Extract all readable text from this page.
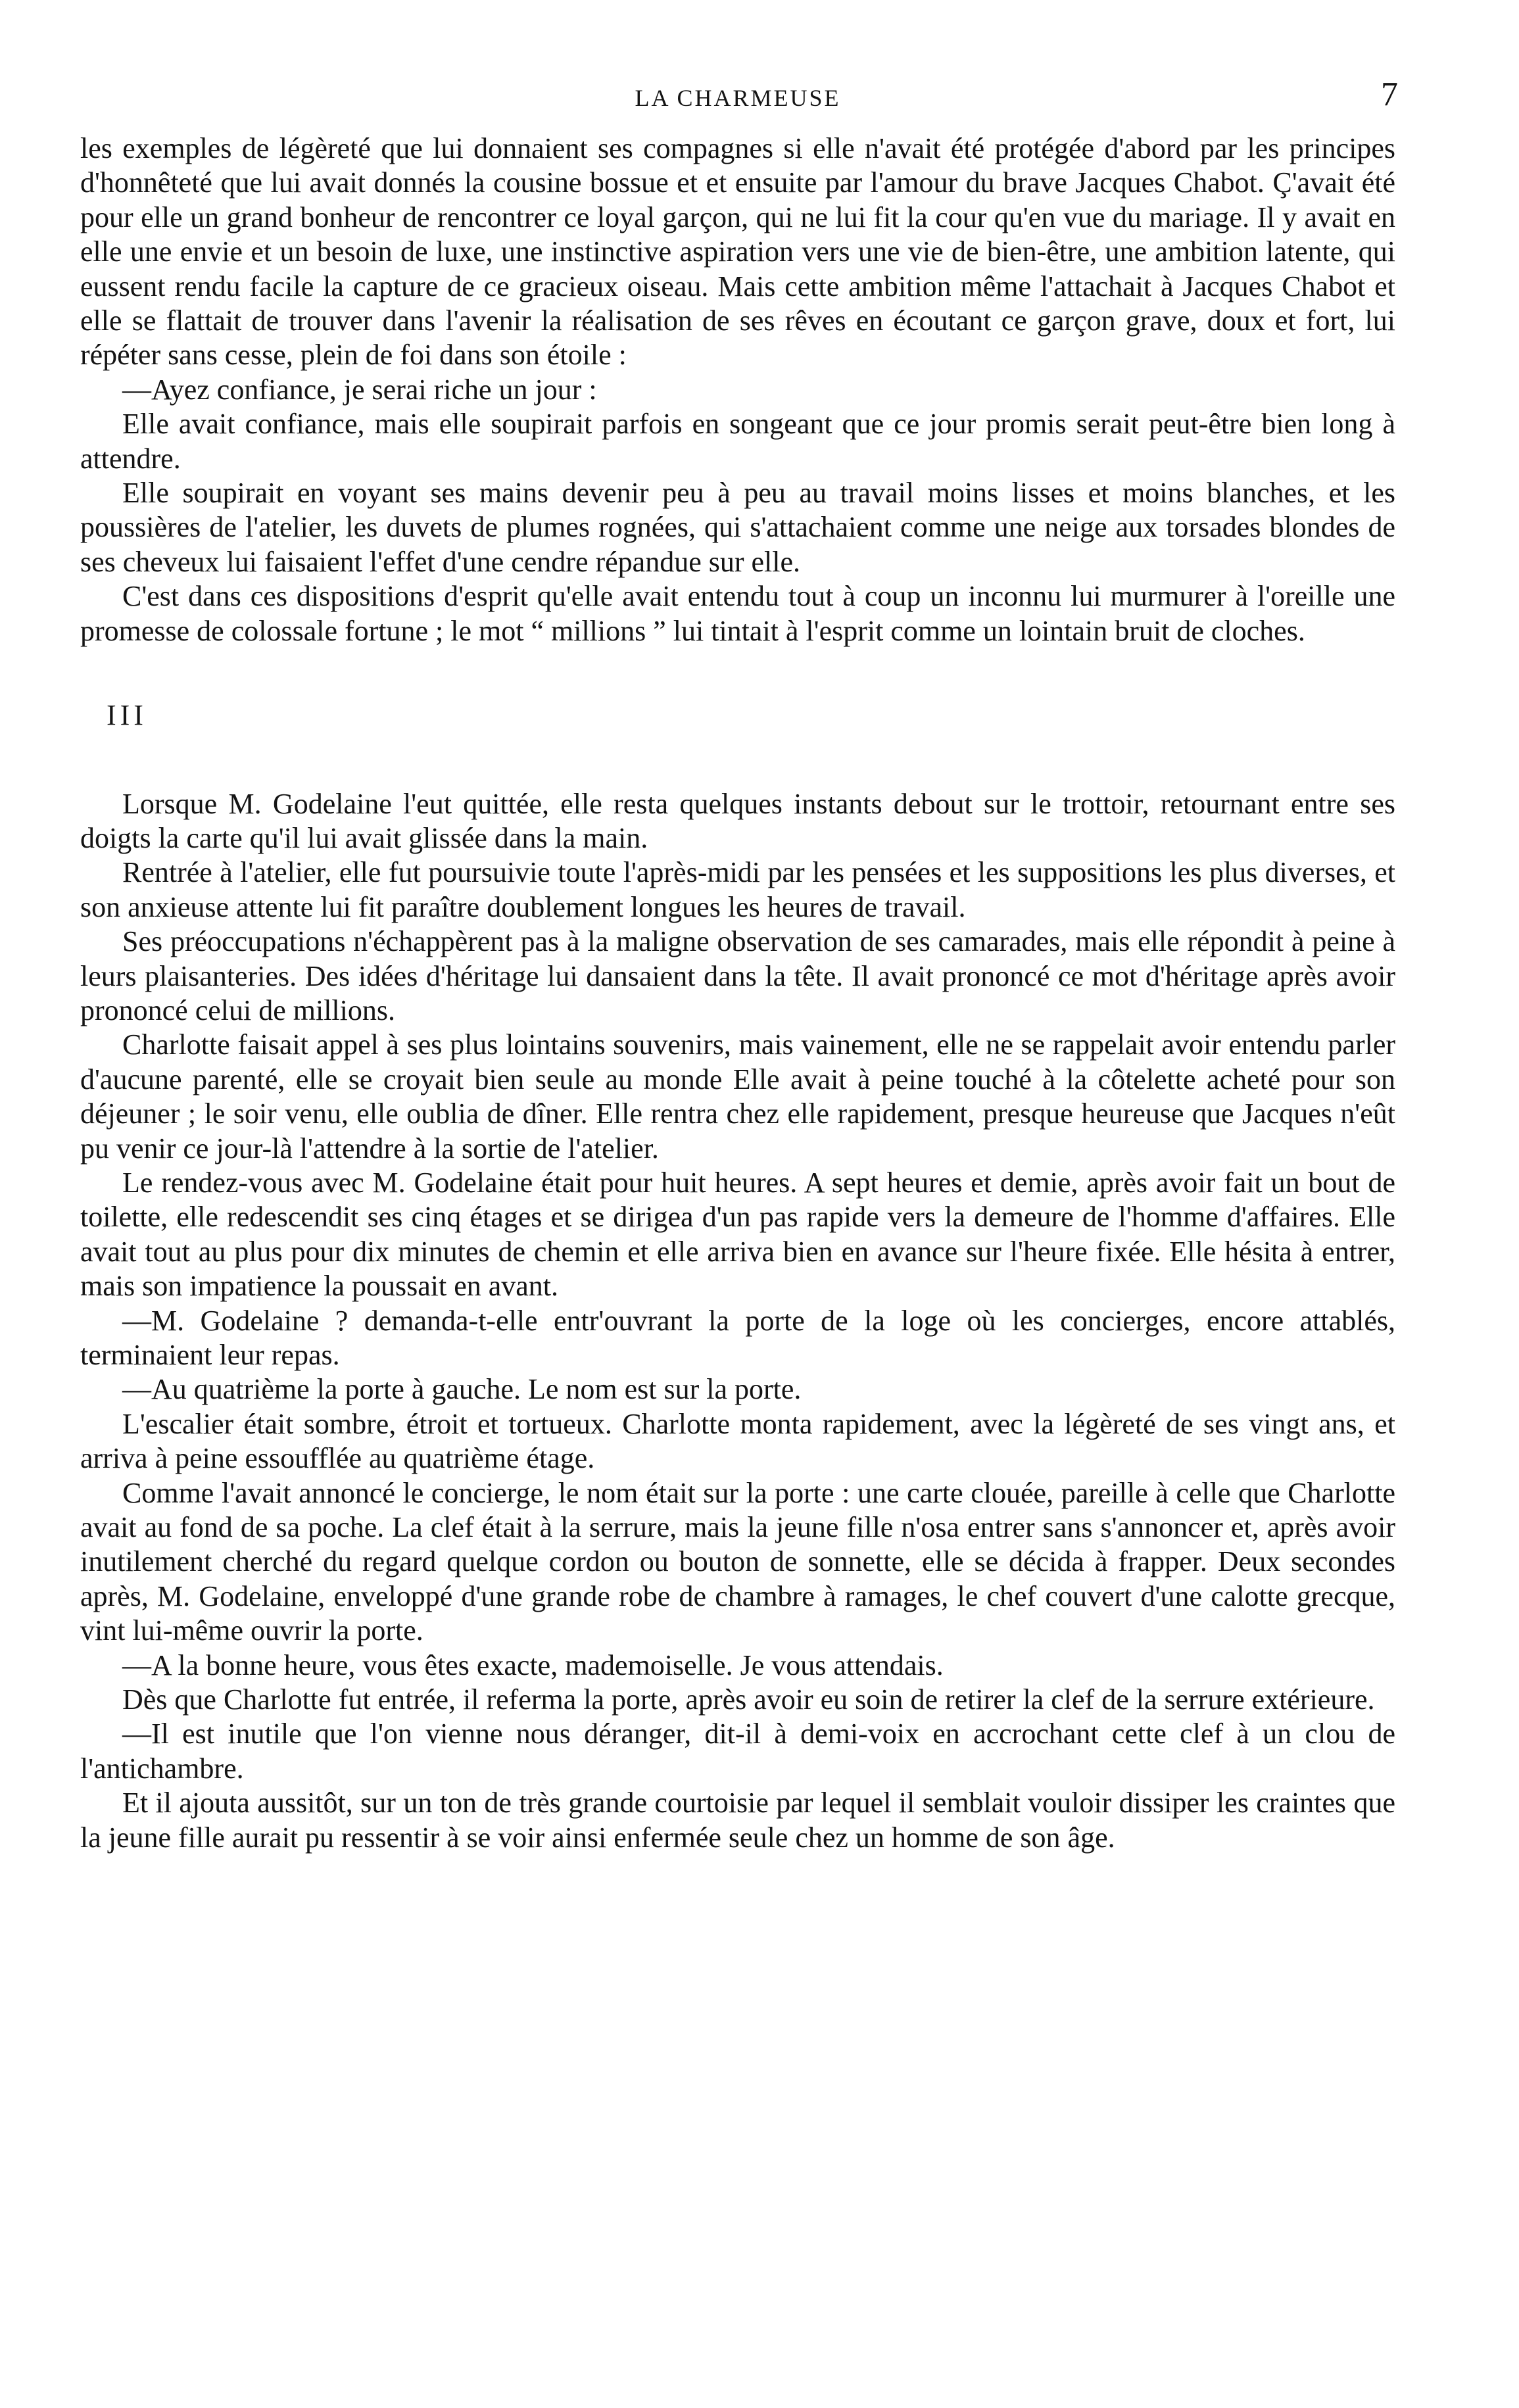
LA CHARMEUSE	7

les exemples de légèreté que lui donnaient ses compagnes si elle n'avait été protégée d'abord par les principes d'honnêteté que lui avait donnés la cousine bossue et et ensuite par l'amour du brave Jacques Chabot. Ç'avait été pour elle un grand bonheur de rencontrer ce loyal garçon, qui ne lui fit la cour qu'en vue du mariage. Il y avait en elle une envie et un besoin de luxe, une instinctive aspiration vers une vie de bien-être, une ambition latente, qui eussent rendu facile la capture de ce gracieux oiseau. Mais cette ambition même l'attachait à Jacques Chabot et elle se flattait de trouver dans l'avenir la réalisation de ses rêves en écoutant ce garçon grave, doux et fort, lui répéter sans cesse, plein de foi dans son étoile :

—Ayez confiance, je serai riche un jour :

Elle avait confiance, mais elle soupirait parfois en songeant que ce jour promis serait peut-être bien long à attendre.

Elle soupirait en voyant ses mains devenir peu à peu au travail moins lisses et moins blanches, et les poussières de l'atelier, les duvets de plumes rognées, qui s'attachaient comme une neige aux torsades blondes de ses cheveux lui faisaient l'effet d'une cendre répandue sur elle.

C'est dans ces dispositions d'esprit qu'elle avait entendu tout à coup un inconnu lui murmurer à l'oreille une promesse de colossale fortune ; le mot “ millions ” lui tintait à l'esprit comme un lointain bruit de cloches.

III

Lorsque M. Godelaine l'eut quittée, elle resta quelques instants debout sur le trottoir, retournant entre ses doigts la carte qu'il lui avait glissée dans la main.

Rentrée à l'atelier, elle fut poursuivie toute l'après-midi par les pensées et les suppositions les plus diverses, et son anxieuse attente lui fit paraître doublement longues les heures de travail.

Ses préoccupations n'échappèrent pas à la maligne observation de ses camarades, mais elle répondit à peine à leurs plaisanteries. Des idées d'héritage lui dansaient dans la tête. Il avait prononcé ce mot d'héritage après avoir prononcé celui de millions.

Charlotte faisait appel à ses plus lointains souvenirs, mais vainement, elle ne se rappelait avoir entendu parler d'aucune parenté, elle se croyait bien seule au monde Elle avait à peine touché à la côtelette acheté pour son déjeuner ; le soir venu, elle oublia de dîner. Elle rentra chez elle rapidement, presque heureuse que Jacques n'eût pu venir ce jour-là l'attendre à la sortie de l'atelier.

Le rendez-vous avec M. Godelaine était pour huit heures. A sept heures et demie, après avoir fait un bout de toilette, elle redescendit ses cinq étages et se dirigea d'un pas rapide vers la demeure de l'homme d'affaires. Elle avait tout au plus pour dix minutes de chemin et elle arriva bien en avance sur l'heure fixée. Elle hésita à entrer, mais son impatience la poussait en avant.

—M. Godelaine ? demanda-t-elle entr'ouvrant la porte de la loge où les concierges, encore attablés, terminaient leur repas.

—Au quatrième la porte à gauche. Le nom est sur la porte.

L'escalier était sombre, étroit et tortueux. Charlotte monta rapidement, avec la légèreté de ses vingt ans, et arriva à peine essoufflée au quatrième étage.

Comme l'avait annoncé le concierge, le nom était sur la porte : une carte clouée, pareille à celle que Charlotte avait au fond de sa poche. La clef était à la serrure, mais la jeune fille n'osa entrer sans s'annoncer et, après avoir inutilement cherché du regard quelque cordon ou bouton de sonnette, elle se décida à frapper. Deux secondes après, M. Godelaine, enveloppé d'une grande robe de chambre à ramages, le chef couvert d'une calotte grecque, vint lui-même ouvrir la porte.

—A la bonne heure, vous êtes exacte, mademoiselle. Je vous attendais.

Dès que Charlotte fut entrée, il referma la porte, après avoir eu soin de retirer la clef de la serrure extérieure.

—Il est inutile que l'on vienne nous déranger, dit-il à demi-voix en accrochant cette clef à un clou de l'antichambre.

Et il ajouta aussitôt, sur un ton de très grande courtoisie par lequel il semblait vouloir dissiper les craintes que la jeune fille aurait pu ressentir à se voir ainsi enfermée seule chez un homme de son âge.
